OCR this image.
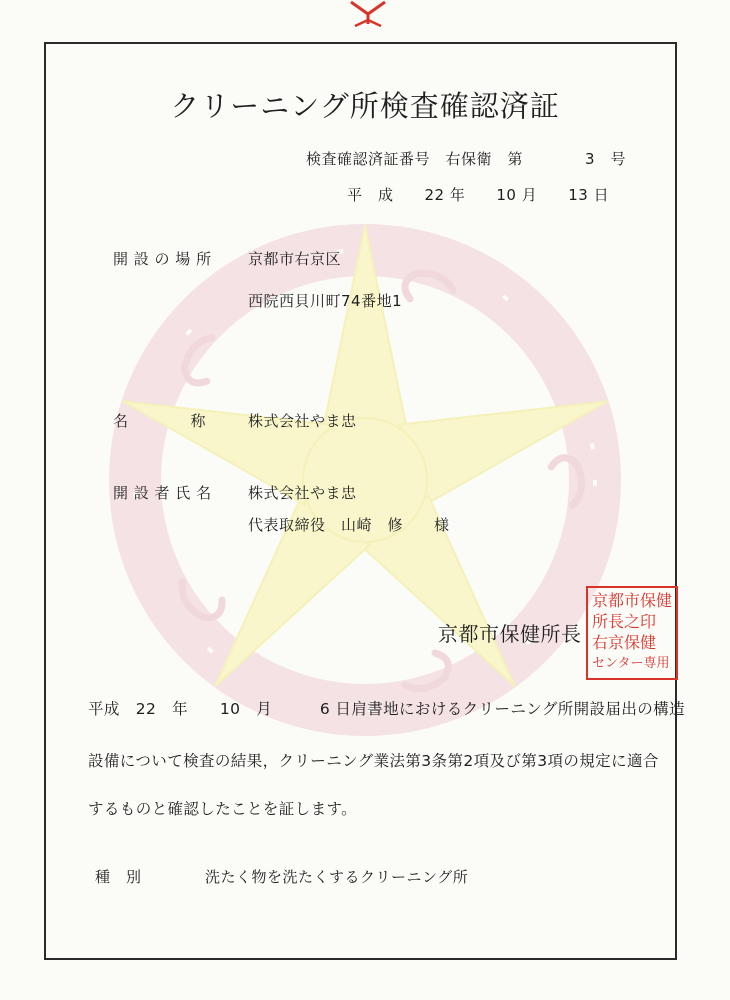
クリーニング所検査確認済証
検査確認済証番号　右保衛　第　　　　3　号
平　成　　22 年　　10 月　　13 日
開 設 の 場 所 京都市右京区
西院西貝川町74番地1
名　　　　称	株式会社やま忠
開 設 者 氏 名 株式会社やま忠
代表取締役　山崎　修　　様
京都市保健所長
京都市保健
所長之印
右京保健
センター専用
平成　22　年　　10　月　　　6 日肩書地におけるクリーニング所開設届出の構造
設備について検査の結果，クリーニング業法第3条第2項及び第3項の規定に適合
するものと確認したことを証します。
種　別	洗たく物を洗たくするクリーニング所
